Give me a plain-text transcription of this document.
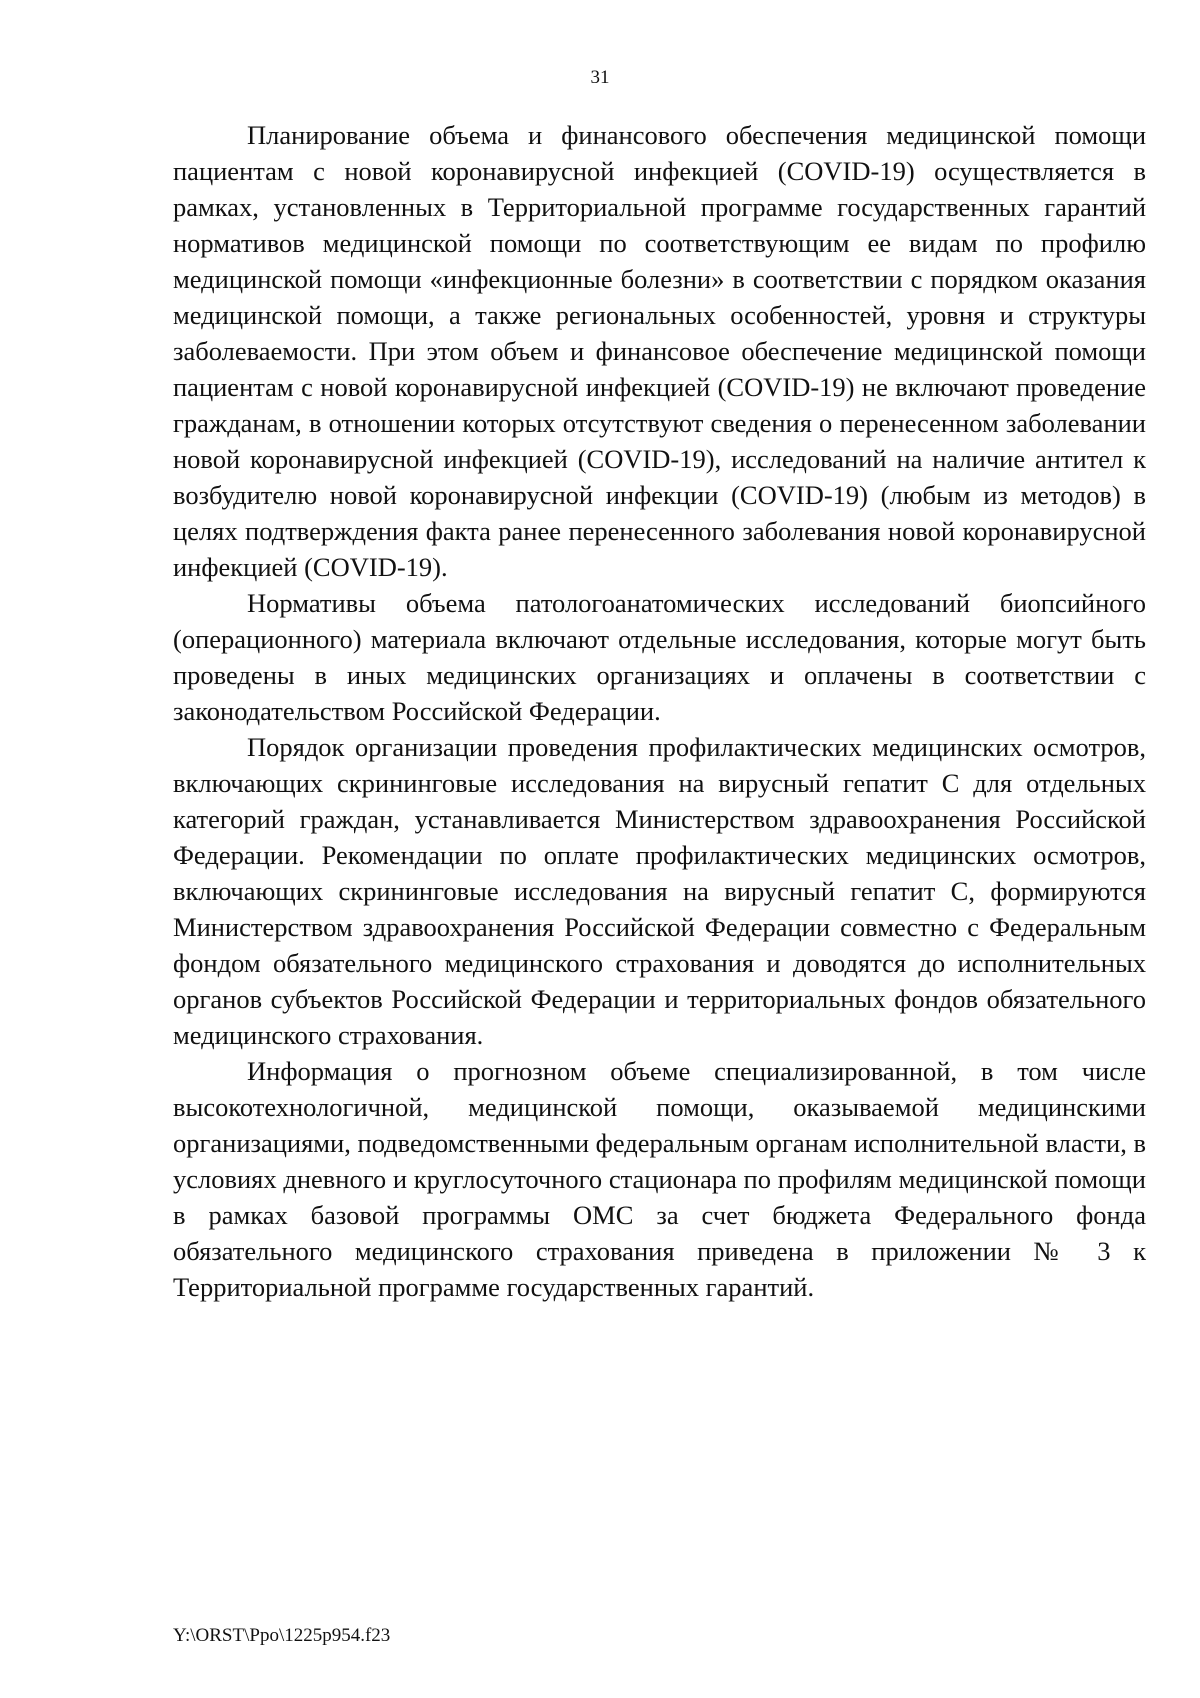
31

Планирование объема и финансового обеспечения медицинской помощи пациентам с новой коронавирусной инфекцией (COVID-19) осуществляется в рамках, установленных в Территориальной программе государственных гарантий нормативов медицинской помощи по соответствующим ее видам по профилю медицинской помощи «инфекционные болезни» в соответствии с порядком оказания медицинской помощи, а также региональных особенностей, уровня и структуры заболеваемости. При этом объем и финансовое обеспечение медицинской помощи пациентам с новой коронавирусной инфекцией (COVID-19) не включают проведение гражданам, в отношении которых отсутствуют сведения о перенесенном заболевании новой коронавирусной инфекцией (COVID-19), исследований на наличие антител к возбудителю новой коронавирусной инфекции (COVID-19) (любым из методов) в целях подтверждения факта ранее перенесенного заболевания новой коронавирусной инфекцией (COVID-19).

Нормативы объема патологоанатомических исследований биопсийного (операционного) материала включают отдельные исследования, которые могут быть проведены в иных медицинских организациях и оплачены в соответствии с законодательством Российской Федерации.

Порядок организации проведения профилактических медицинских осмотров, включающих скрининговые исследования на вирусный гепатит С для отдельных категорий граждан, устанавливается Министерством здравоохранения Российской Федерации. Рекомендации по оплате профилактических медицинских осмотров, включающих скрининговые исследования на вирусный гепатит С, формируются Министерством здравоохранения Российской Федерации совместно с Федеральным фондом обязательного медицинского страхования и доводятся до исполнительных органов субъектов Российской Федерации и территориальных фондов обязательного медицинского страхования.

Информация о прогнозном объеме специализированной, в том числе высокотехнологичной, медицинской помощи, оказываемой медицинскими организациями, подведомственными федеральным органам исполнительной власти, в условиях дневного и круглосуточного стационара по профилям медицинской помощи в рамках базовой программы ОМС за счет бюджета Федерального фонда обязательного медицинского страхования приведена в приложении № 3 к Территориальной программе государственных гарантий.

Y:\ORST\Ppo\1225p954.f23
